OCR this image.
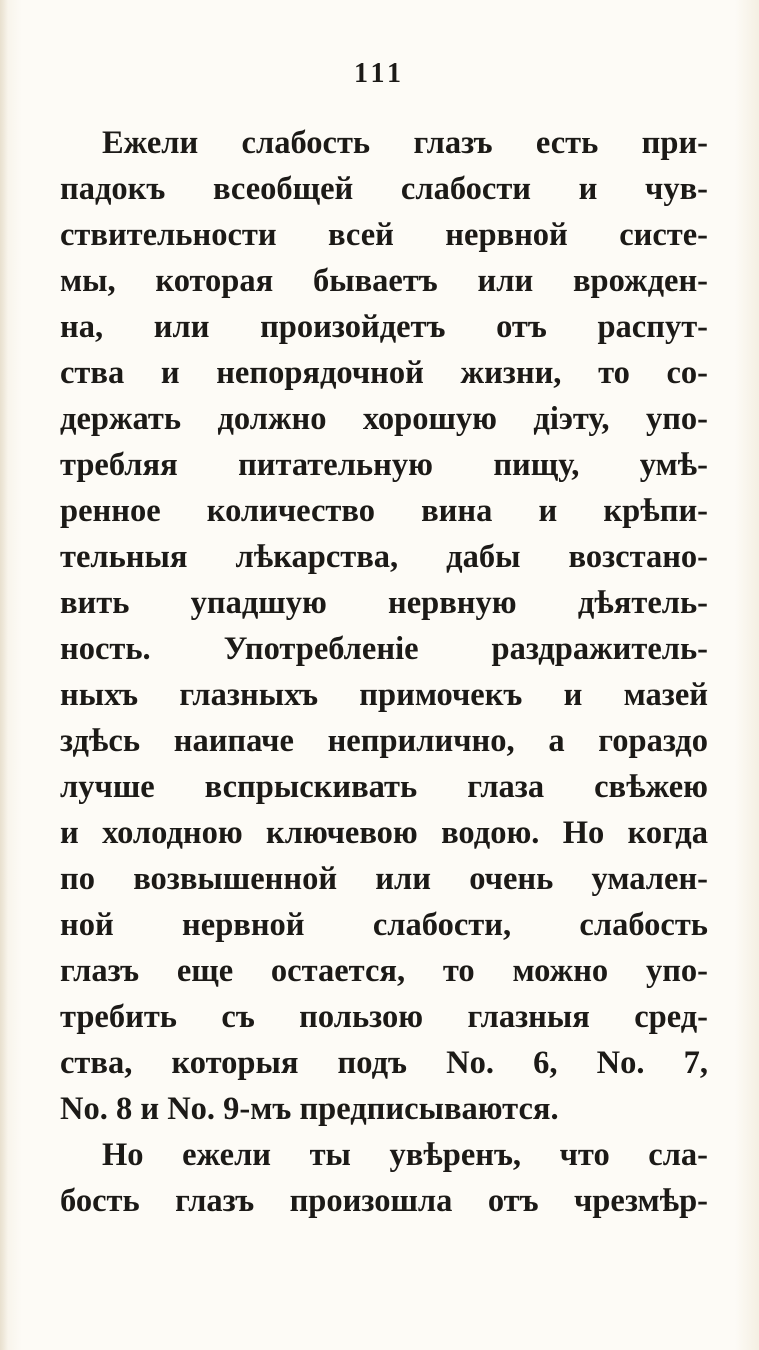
111
Ежели слабость глазъ есть при-
падокъ всеобщей слабости и чув-
ствительности всей нервной систе-
мы, которая бываетъ или врожден-
на, или произойдетъ отъ распут-
ства и непорядочной жизни, то со-
держать должно хорошую дiэту, упо-
требляя питательную пищу, умѣ-
ренное количество вина и крѣпи-
тельныя лѣкарства, дабы возстано-
вить упадшую нервную дѣятель-
ность. Употребленiе раздражитель-
ныхъ глазныхъ примочекъ и мазей
здѣсь наипаче неприлично, а гораздо
лучше вспрыскивать глаза свѣжею
и холодною ключевою водою. Но когда
по возвышенной или очень умален-
ной нервной слабости, слабость
глазъ еще остается, то можно упо-
требить съ пользою глазныя сред-
ства, которыя подъ No. 6, No. 7,
No. 8 и No. 9-мъ предписываются.
Но ежели ты увѣренъ, что сла-
бость глазъ произошла отъ чрезмѣр-
